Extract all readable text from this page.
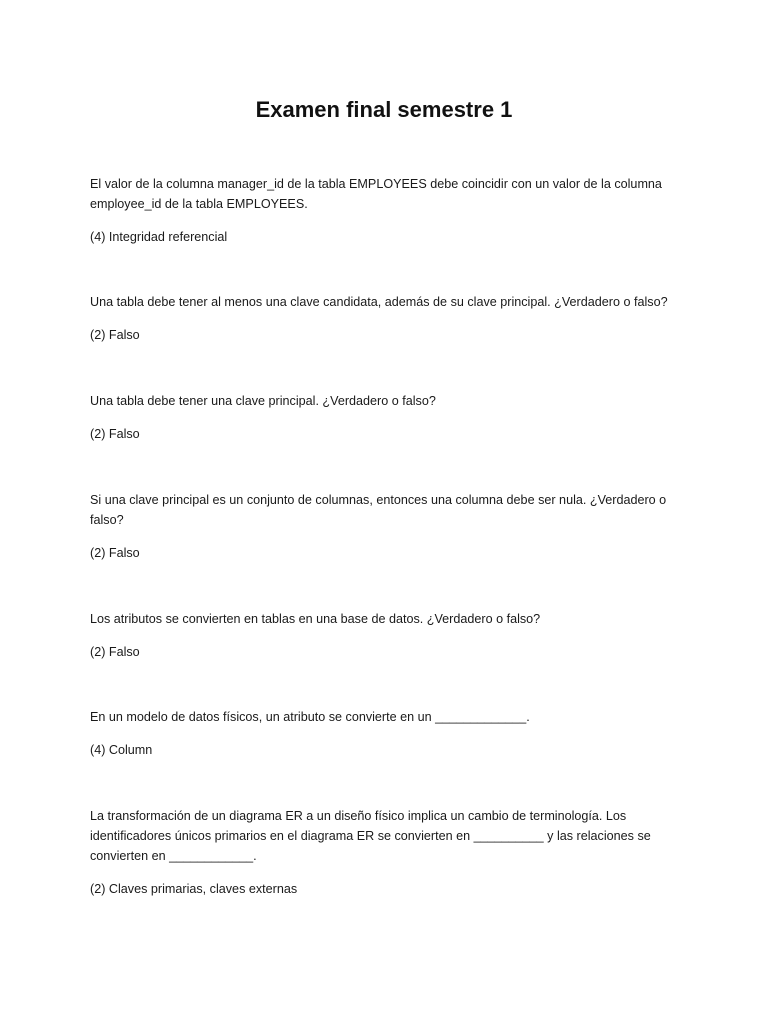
Examen final semestre 1

El valor de la columna manager_id de la tabla EMPLOYEES debe coincidir con un valor de la columna employee_id de la tabla EMPLOYEES.

(4) Integridad referencial

Una tabla debe tener al menos una clave candidata, además de su clave principal. ¿Verdadero o falso?

(2) Falso

Una tabla debe tener una clave principal. ¿Verdadero o falso?

(2) Falso

Si una clave principal es un conjunto de columnas, entonces una columna debe ser nula. ¿Verdadero o falso?

(2) Falso

Los atributos se convierten en tablas en una base de datos. ¿Verdadero o falso?

(2) Falso

En un modelo de datos físicos, un atributo se convierte en un _____________.

(4) Column

La transformación de un diagrama ER a un diseño físico implica un cambio de terminología. Los identificadores únicos primarios en el diagrama ER se convierten en __________ y las relaciones se convierten en ____________.

(2) Claves primarias, claves externas
